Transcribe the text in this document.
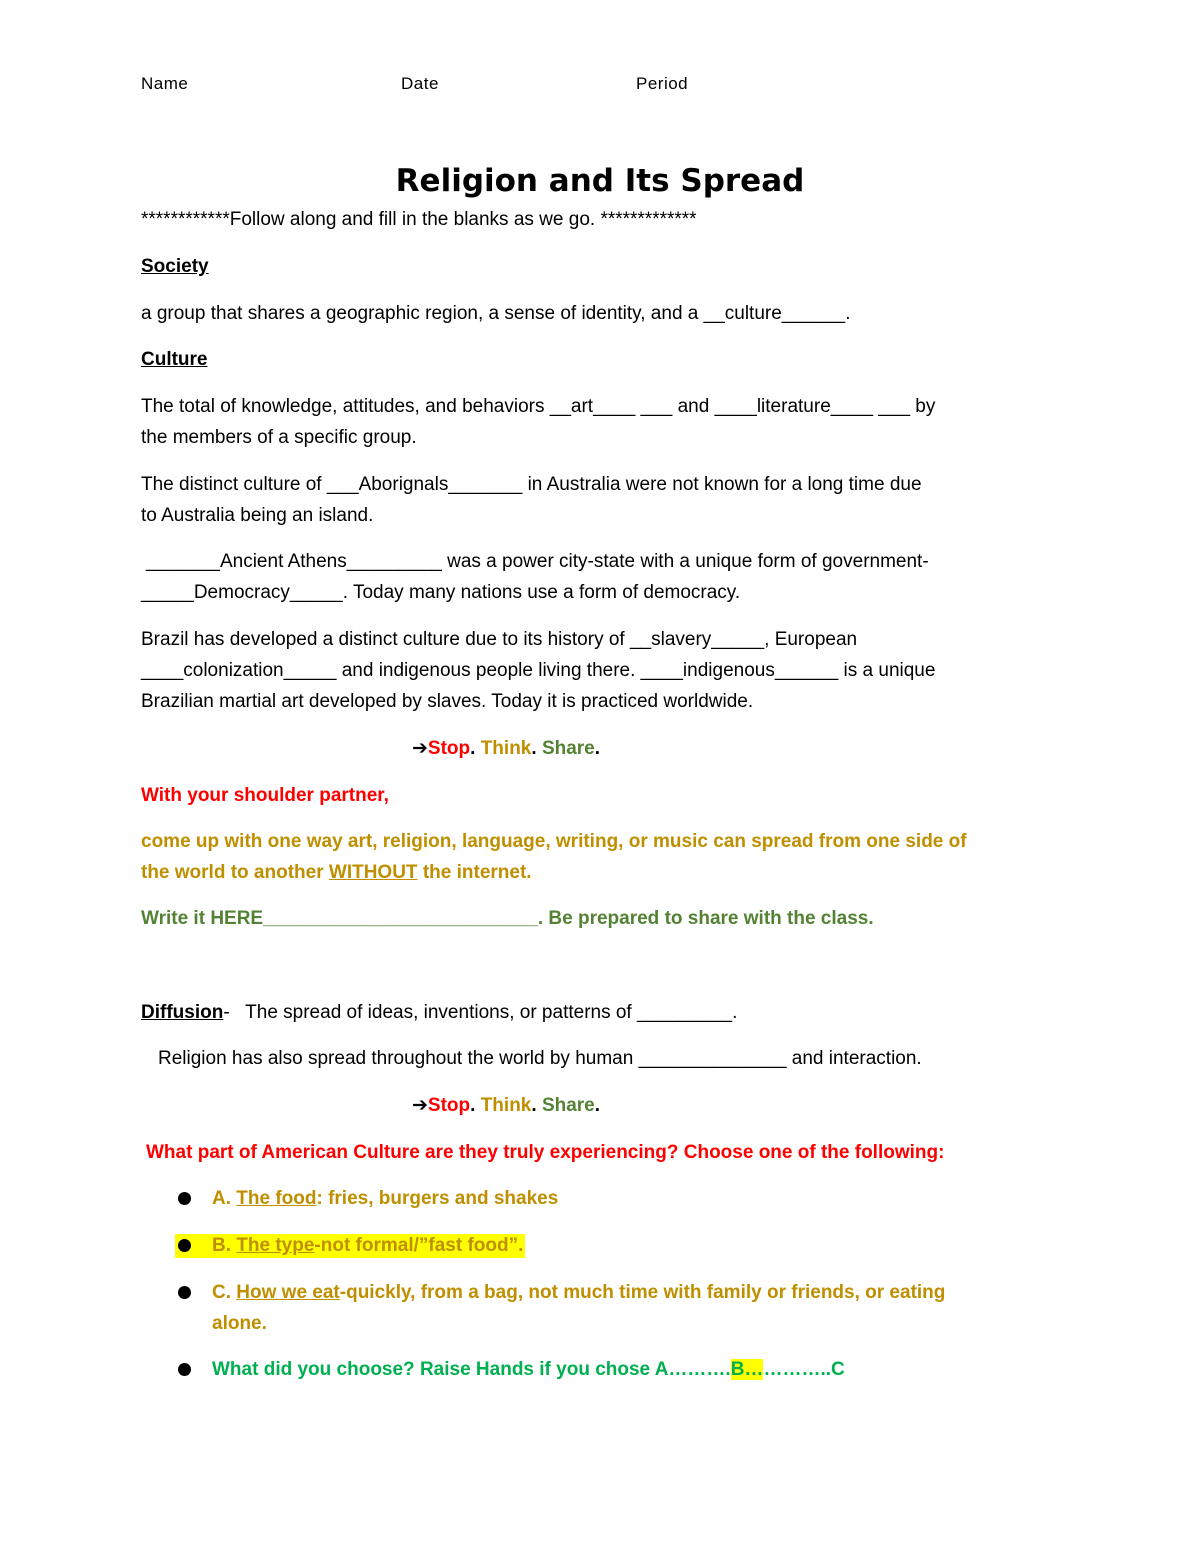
Name	Date	Period
Religion and Its Spread
************Follow along and fill in the blanks as we go. *************
Society
a group that shares a geographic region, a sense of identity, and a __culture______.
Culture
The total of knowledge, attitudes, and behaviors __art____ ___ and ____literature____ ___ by
the members of a specific group.
The distinct culture of ___Aborignals_______ in Australia were not known for a long time due
to Australia being an island.
_______Ancient Athens_________ was a power city-state with a unique form of government-
_____Democracy_____. Today many nations use a form of democracy.
Brazil has developed a distinct culture due to its history of __slavery_____, European
____colonization_____ and indigenous people living there. ____indigenous______ is a unique
Brazilian martial art developed by slaves. Today it is practiced worldwide.
➔Stop. Think. Share.
With your shoulder partner,
come up with one way art, religion, language, writing, or music can spread from one side of
the world to another WITHOUT the internet.
Write it HERE__________________________. Be prepared to share with the class.
Diffusion-   The spread of ideas, inventions, or patterns of _________.
Religion has also spread throughout the world by human ______________ and interaction.
➔Stop. Think. Share.
What part of American Culture are they truly experiencing? Choose one of the following:
A. The food: fries, burgers and shakes
B. The type-not formal/”fast food”.
C. How we eat-quickly, from a bag, not much time with family or friends, or eating
alone.
What did you choose? Raise Hands if you chose A……….B…………..C
